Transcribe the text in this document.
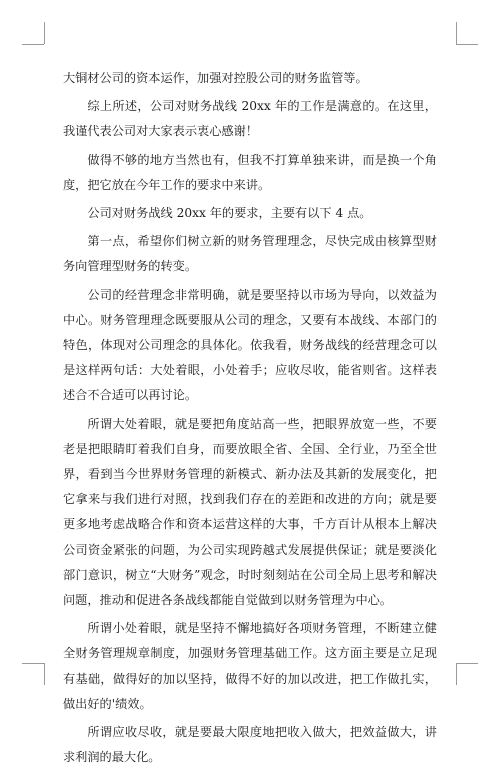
大铜材公司的资本运作，加强对控股公司的财务监管等。

综上所述，公司对财务战线 20xx 年的工作是满意的。在这里，我谨代表公司对大家表示衷心感谢！

做得不够的地方当然也有，但我不打算单独来讲，而是换一个角度，把它放在今年工作的要求中来讲。

公司对财务战线 20xx 年的要求，主要有以下 4 点。

第一点，希望你们树立新的财务管理理念，尽快完成由核算型财务向管理型财务的转变。

公司的经营理念非常明确，就是要坚持以市场为导向，以效益为中心。财务管理理念既要服从公司的理念，又要有本战线、本部门的特色，体现对公司理念的具体化。依我看，财务战线的经营理念可以是这样两句话：大处着眼，小处着手；应收尽收，能省则省。这样表述合不合适可以再讨论。

所谓大处着眼，就是要把角度站高一些，把眼界放宽一些，不要老是把眼睛盯着我们自身，而要放眼全省、全国、全行业，乃至全世界，看到当今世界财务管理的新模式、新办法及其新的发展变化，把它拿来与我们进行对照，找到我们存在的差距和改进的方向；就是要更多地考虑战略合作和资本运营这样的大事，千方百计从根本上解决公司资金紧张的问题，为公司实现跨越式发展提供保证；就是要淡化部门意识，树立“大财务”观念，时时刻刻站在公司全局上思考和解决问题，推动和促进各条战线都能自觉做到以财务管理为中心。

所谓小处着眼，就是坚持不懈地搞好各项财务管理，不断建立健全财务管理规章制度，加强财务管理基础工作。这方面主要是立足现有基础，做得好的加以坚持，做得不好的加以改进，把工作做扎实，做出好的'绩效。

所谓应收尽收，就是要最大限度地把收入做大，把效益做大，讲求利润的最大化。
